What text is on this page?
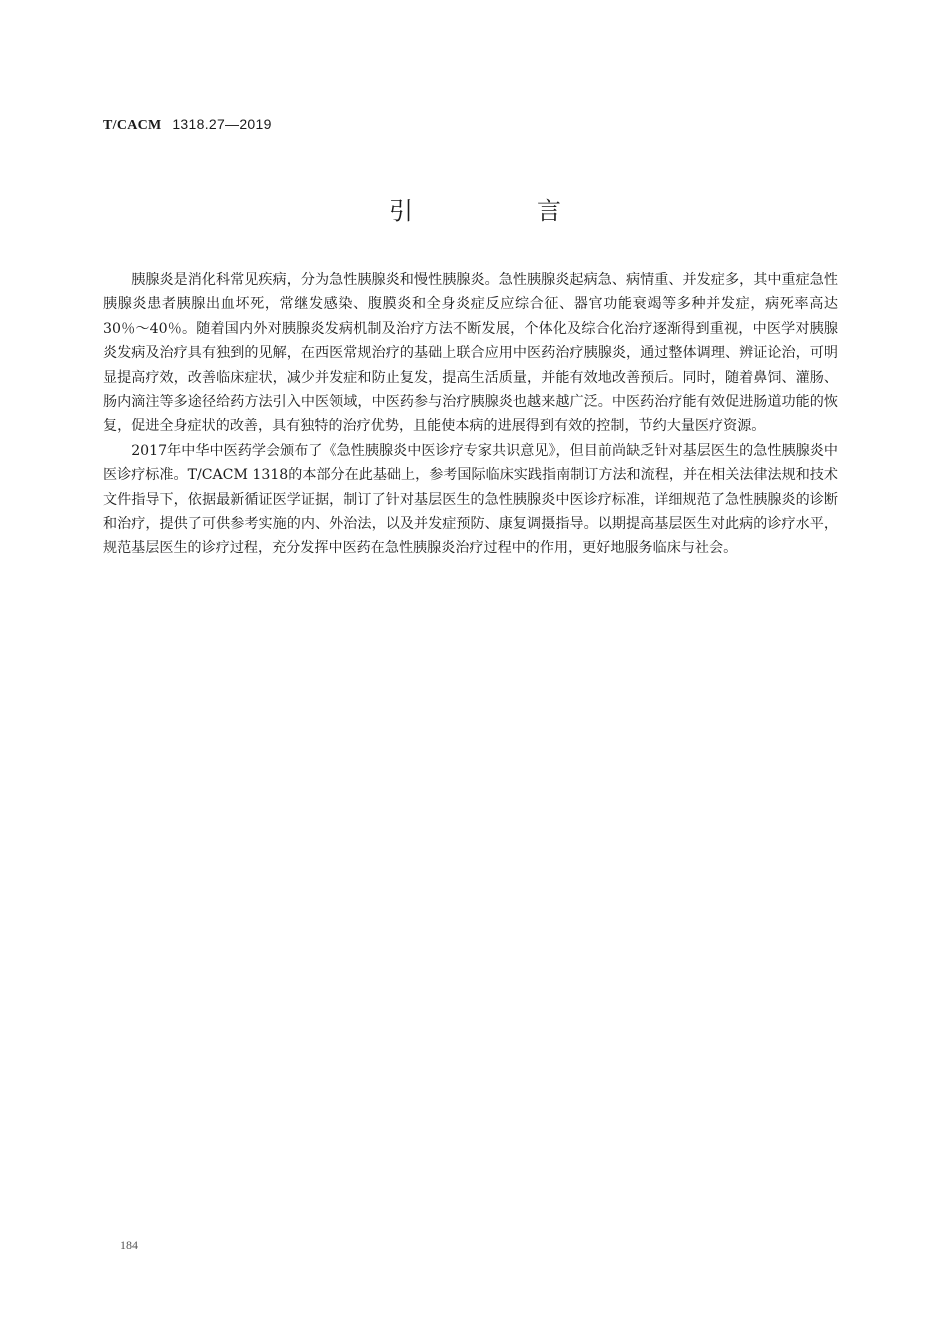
T/CACM 1318.27—2019
引　言

胰腺炎是消化科常见疾病，分为急性胰腺炎和慢性胰腺炎。急性胰腺炎起病急、病情重、并发症多，其中重症急性胰腺炎患者胰腺出血坏死，常继发感染、腹膜炎和全身炎症反应综合征、器官功能衰竭等多种并发症，病死率高达30％～40％。随着国内外对胰腺炎发病机制及治疗方法不断发展，个体化及综合化治疗逐渐得到重视，中医学对胰腺炎发病及治疗具有独到的见解，在西医常规治疗的基础上联合应用中医药治疗胰腺炎，通过整体调理、辨证论治，可明显提高疗效，改善临床症状，减少并发症和防止复发，提高生活质量，并能有效地改善预后。同时，随着鼻饲、灌肠、肠内滴注等多途径给药方法引入中医领域，中医药参与治疗胰腺炎也越来越广泛。中医药治疗能有效促进肠道功能的恢复，促进全身症状的改善，具有独特的治疗优势，且能使本病的进展得到有效的控制，节约大量医疗资源。

2017年中华中医药学会颁布了《急性胰腺炎中医诊疗专家共识意见》，但目前尚缺乏针对基层医生的急性胰腺炎中医诊疗标准。T/CACM 1318的本部分在此基础上，参考国际临床实践指南制订方法和流程，并在相关法律法规和技术文件指导下，依据最新循证医学证据，制订了针对基层医生的急性胰腺炎中医诊疗标准，详细规范了急性胰腺炎的诊断和治疗，提供了可供参考实施的内、外治法，以及并发症预防、康复调摄指导。以期提高基层医生对此病的诊疗水平，规范基层医生的诊疗过程，充分发挥中医药在急性胰腺炎治疗过程中的作用，更好地服务临床与社会。

184
